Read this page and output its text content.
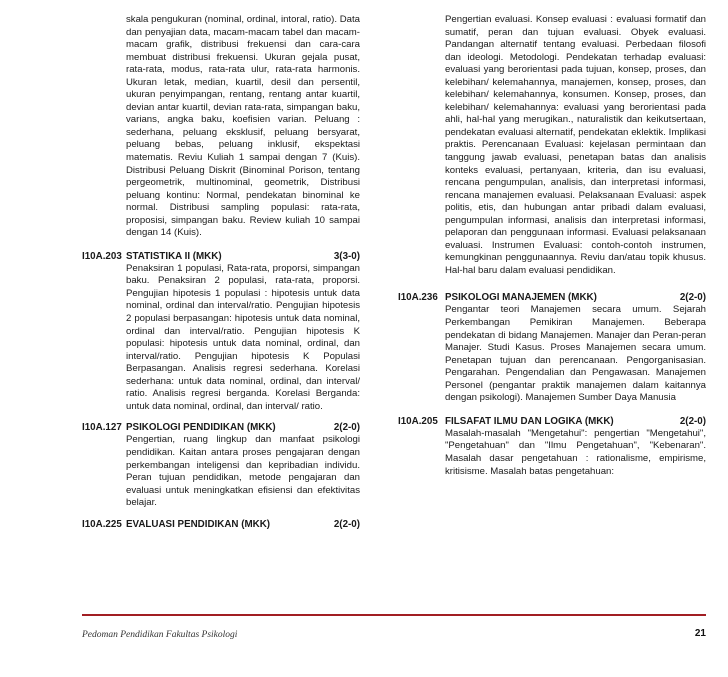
skala pengukuran (nominal, ordinal, intoral, ratio). Data dan penyajian data, macam-macam tabel dan macam-macam grafik, distribusi frekuensi dan cara-cara membuat distribusi frekuensi. Ukuran gejala pusat, rata-rata, modus, rata-rata ulur, rata-rata harmonis. Ukuran letak, median, kuartil, desil dan persentil, ukuran penyimpangan, rentang, rentang antar kuartil, devian antar kuartil, devian rata-rata, simpangan baku, varians, angka baku, koefisien varian. Peluang : sederhana, peluang eksklusif, peluang bersyarat, peluang bebas, peluang inklusif, ekspektasi matematis. Reviu Kuliah 1 sampai dengan 7 (Kuis). Distribusi Peluang Diskrit (Binominal Porison, tentang pergeometrik, multinominal, geometrik, Distribusi peluang kontinu: Normal, pendekatan binominal ke normal. Distribusi sampling populasi: rata-rata, proposisi, simpangan baku. Review kuliah 10 sampai dengan 14 (Kuis).

I10A.203 STATISTIKA II (MKK)	3(3-0)

Penaksiran 1 populasi, Rata-rata, proporsi, simpangan baku. Penaksiran 2 populasi, rata-rata, proporsi. Pengujian hipotesis 1 populasi : hipotesis untuk data nominal, ordinal dan interval/ratio. Pengujian hipotesis 2 populasi berpasangan: hipotesis untuk data nominal, ordinal dan interval/ratio. Pengujian hipotesis K populasi: hipotesis untuk data nominal, ordinal, dan interval/ratio. Pengujian hipotesis K Populasi Berpasangan. Analisis regresi sederhana. Korelasi sederhana: untuk data nominal, ordinal, dan interval/ ratio. Analisis regresi berganda. Korelasi Berganda: untuk data nominal, ordinal, dan interval/ ratio.

I10A.127 PSIKOLOGI PENDIDIKAN (MKK)	2(2-0)

Pengertian, ruang lingkup dan manfaat psikologi pendidikan. Kaitan antara proses pengajaran dengan perkembangan inteligensi dan kepribadian individu. Peran tujuan pendidikan, metode pengajaran dan evaluasi untuk meningkatkan efisiensi dan efektivitas belajar.

I10A.225 EVALUASI PENDIDIKAN (MKK)	2(2-0)

Pengertian evaluasi. Konsep evaluasi : evaluasi formatif dan sumatif, peran dan tujuan evaluasi. Obyek evaluasi. Pandangan alternatif tentang evaluasi. Perbedaan filosofi dan ideologi. Metodologi. Pendekatan terhadap evaluasi: evaluasi yang berorientasi pada tujuan, konsep, proses, dan kelebihan/ kelemahannya, manajemen, konsep, proses, dan kelebihan/ kelemahannya, konsumen. Konsep, proses, dan kelebihan/ kelemahannya: evaluasi yang berorientasi pada ahli, hal-hal yang merugikan., naturalistik dan keikutsertaan, pendekatan evaluasi alternatif, pendekatan eklektik. Implikasi praktis. Perencanaan Evaluasi: kejelasan permintaan dan tanggung jawab evaluasi, penetapan batas dan analisis konteks evaluasi, pertanyaan, kriteria, dan isu evaluasi, rencana pengumpulan, analisis, dan interpretasi informasi, rencana manajemen evaluasi. Pelaksanaan Evaluasi: aspek politis, etis, dan hubungan antar pribadi dalam evaluasi, pengumpulan informasi, analisis dan interpretasi informasi, pelaporan dan penggunaan informasi. Evaluasi pelaksanaan evaluasi. Instrumen Evaluasi: contoh-contoh instrumen, kemungkinan penggunaannya. Reviu dan/atau topik khusus. Hal-hal baru dalam evaluasi pendidikan.

I10A.236 PSIKOLOGI MANAJEMEN (MKK)	2(2-0)

Pengantar teori Manajemen secara umum. Sejarah Perkembangan Pemikiran Manajemen. Beberapa pendekatan di bidang Manajemen. Manajer dan Peran-peran Manajer. Studi Kasus. Proses Manajemen secara umum. Penetapan tujuan dan perencanaan. Pengorganisasian. Pengarahan. Pengendalian dan Pengawasan. Manajemen Personel (pengantar praktik manajemen dalam kaitannya dengan psikologi). Manajemen Sumber Daya Manusia

I10A.205 FILSAFAT ILMU DAN LOGIKA (MKK)	2(2-0)

Masalah-masalah "Mengetahui": pengertian "Mengetahui", "Pengetahuan" dan "Ilmu Pengetahuan", "Kebenaran". Masalah dasar pengetahuan : rationalisme, empirisme, kritisisme. Masalah batas pengetahuan:

Pedoman Pendidikan Fakultas Psikologi	21
